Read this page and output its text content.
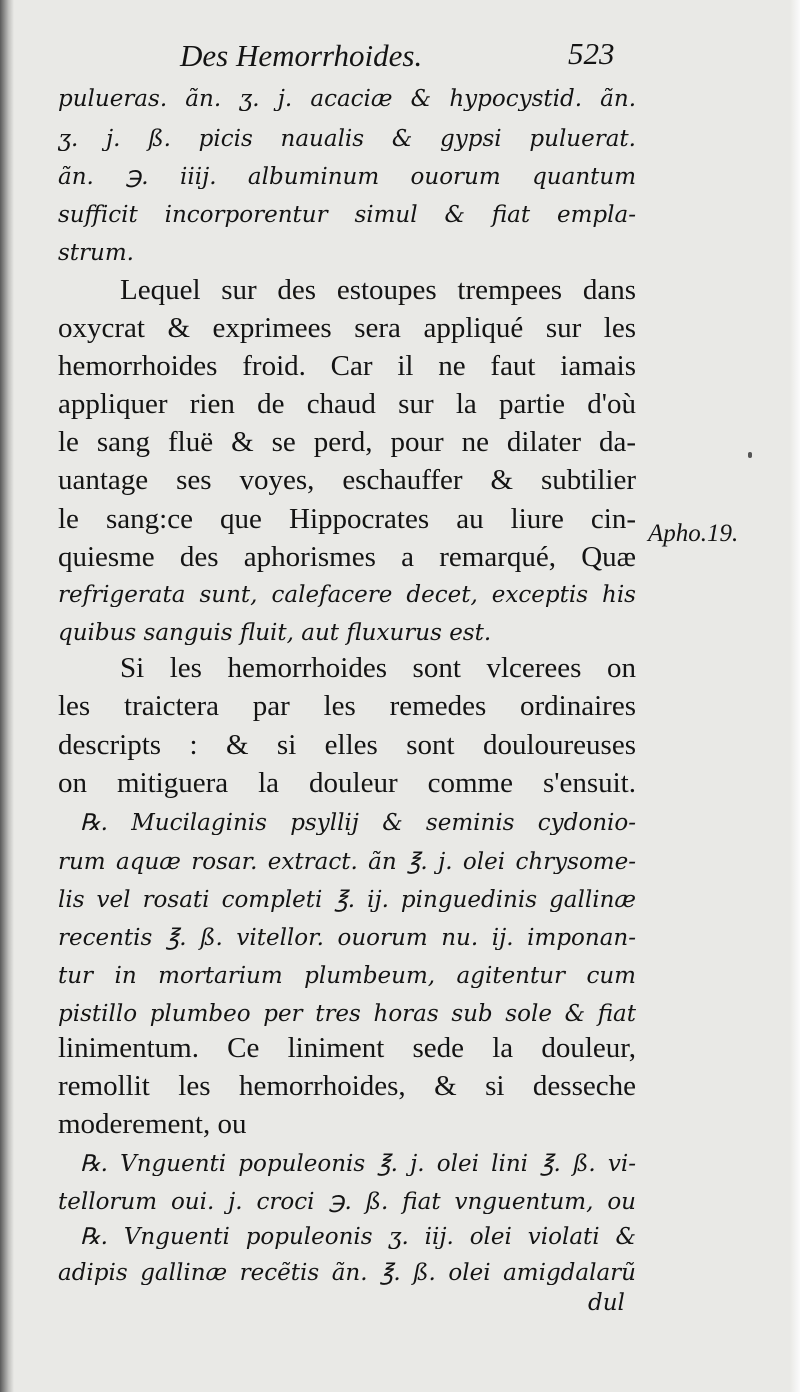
Des Hemorrhoides.	523
pulueras. ãn. ʒ. j. acaciæ & hypocystid. ãn.
ʒ. j. ß. picis naualis & gypsi puluerat.
ãn. ℈. iiij. albuminum ouorum quantum
sufficit incorporentur simul & fiat empla-
strum.
Lequel sur des estoupes trempees dans
oxycrat & exprimees sera appliqué sur les
hemorrhoides froid. Car il ne faut iamais
appliquer rien de chaud sur la partie d'où
le sang fluë & se perd, pour ne dilater da-
uantage ses voyes, eschauffer & subtilier
le sang:ce que Hippocrates au liure cin-
quiesme des aphorismes a remarqué, Quæ
refrigerata sunt, calefacere decet, exceptis his
quibus sanguis fluit, aut fluxurus est.
Si les hemorrhoides sont vlcerees on
les traictera par les remedes ordinaires
descripts : & si elles sont douloureuses
on mitiguera la douleur comme s'ensuit.
℞. Mucilaginis psyllij & seminis cydonio-
rum aquæ rosar. extract. ãn ℥. j. olei chrysome-
lis vel rosati completi ℥. ij. pinguedinis gallinæ
recentis ℥. ß. vitellor. ouorum nu. ij. imponan-
tur in mortarium plumbeum, agitentur cum
pistillo plumbeo per tres horas sub sole & fiat
linimentum. Ce liniment sede la douleur,
remollit les hemorrhoides, & si desseche
moderement, ou
℞. Vnguenti populeonis ℥. j. olei lini ℥. ß. vi-
tellorum oui. j. croci ℈. ß. fiat vnguentum, ou
℞. Vnguenti populeonis ʒ. iij. olei violati &
adipis gallinæ recẽtis ãn. ℥. ß. olei amigdalarũ
dul
Apho.19.
